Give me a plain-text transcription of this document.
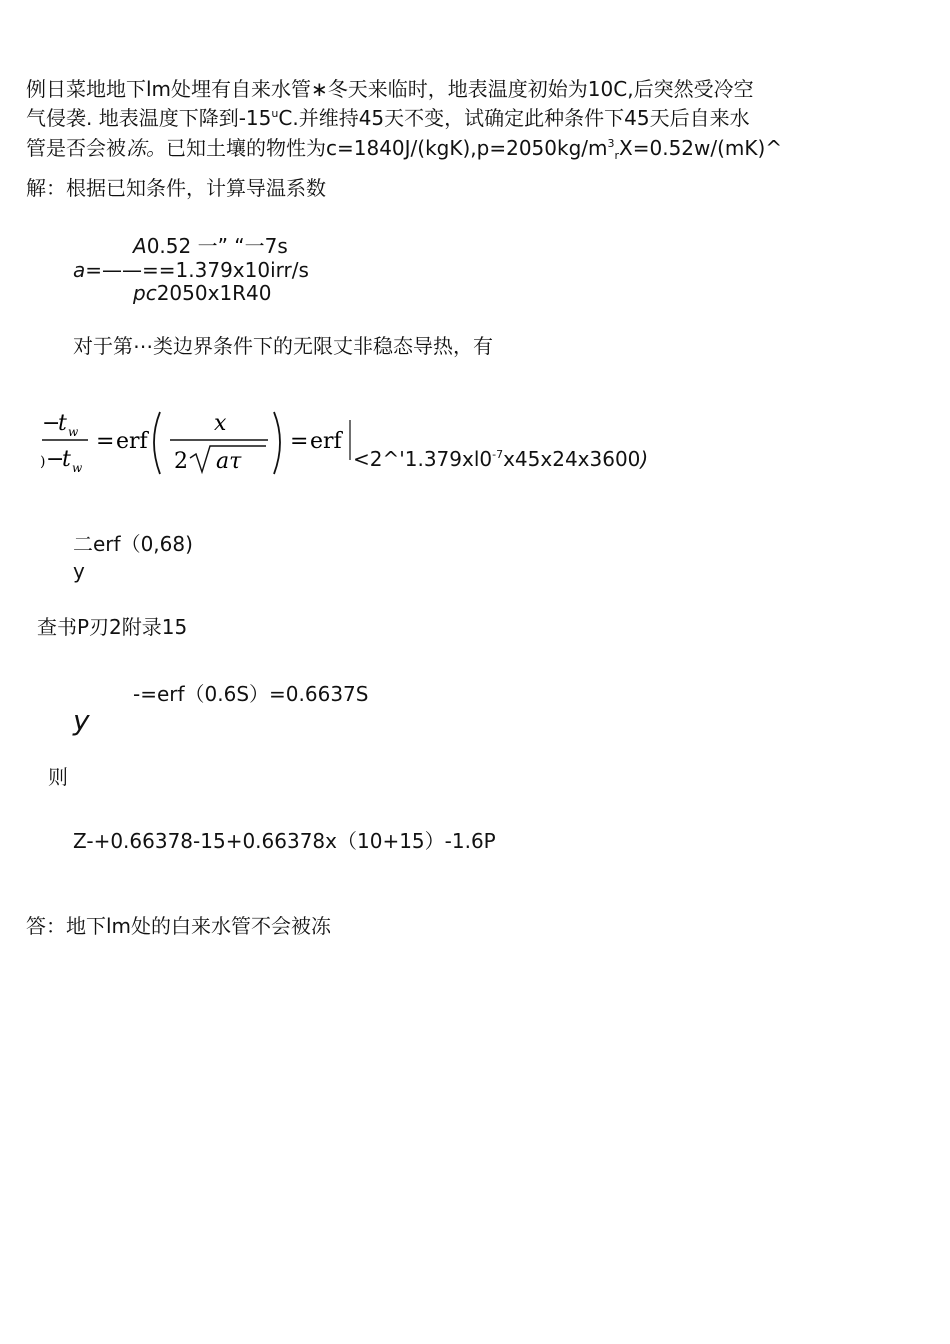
例日菜地地下lm处埋有自来水管∗冬天来临时，地表温度初始为10C,后突然受冷空
气侵袭. 地表温度下降到-15$^u$C.并维持45天不变，试确定此种条件下45天后自来水
管是否会被冻。已知土壤的物性为$c=1840J/(kgK),p=2050kg/m^3_rX=0.52w/(mK)\^{}$
解：根据已知条件，计算导温系数
A0.52 一” “一7s
a=——==1.379x10irr/s
pc2050x1R40
对于第⋯类边界条件下的无限丈非稳态导热，有
−
t w
) −
t w
= erf
x
2 aτ
= erf
$<2\^{}'1.379xl0^{-7}x45x24x3600$)
二erf（0,68)
y
查书P刃2附录15
-=erf（0.6S）=0.6637S
y
则
Z-+0.66378-15+0.66378x（10+15）-1.6P
答：地下lm处的白来水管不会被冻
